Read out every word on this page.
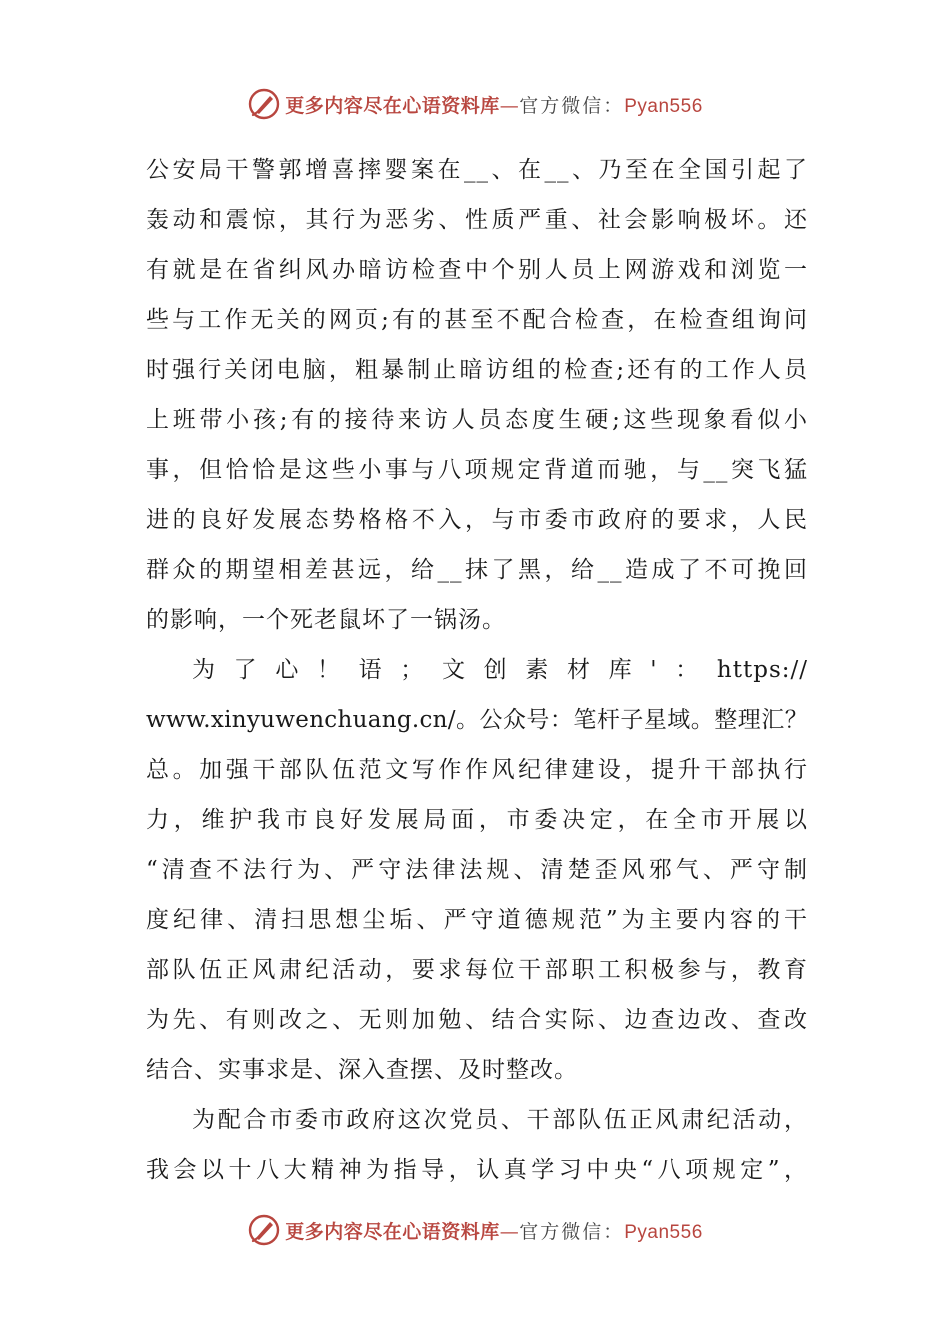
更多内容尽在心语资料库—官方微信：Pyan556
公安局干警郭增喜摔婴案在__、在__、乃至在全国引起了
轰动和震惊，其行为恶劣、性质严重、社会影响极坏。还
有就是在省纠风办暗访检查中个别人员上网游戏和浏览一
些与工作无关的网页;有的甚至不配合检查，在检查组询问
时强行关闭电脑，粗暴制止暗访组的检查;还有的工作人员
上班带小孩;有的接待来访人员态度生硬;这些现象看似小
事，但恰恰是这些小事与八项规定背道而驰，与__突飞猛
进的良好发展态势格格不入，与市委市政府的要求，人民
群众的期望相差甚远，给__抹了黑，给__造成了不可挽回
的影响，一个死老鼠坏了一锅汤。
为了心！语；文创素材库'：https://
www.xinyuwenchuang.cn/。公众号：笔杆子星域。整理汇？
总。加强干部队伍范文写作作风纪律建设，提升干部执行
力，维护我市良好发展局面，市委决定，在全市开展以
“清查不法行为、严守法律法规、清楚歪风邪气、严守制
度纪律、清扫思想尘垢、严守道德规范”为主要内容的干
部队伍正风肃纪活动，要求每位干部职工积极参与，教育
为先、有则改之、无则加勉、结合实际、边查边改、查改
结合、实事求是、深入查摆、及时整改。
为配合市委市政府这次党员、干部队伍正风肃纪活动，
我会以十八大精神为指导，认真学习中央“八项规定”，
更多内容尽在心语资料库—官方微信：Pyan556
